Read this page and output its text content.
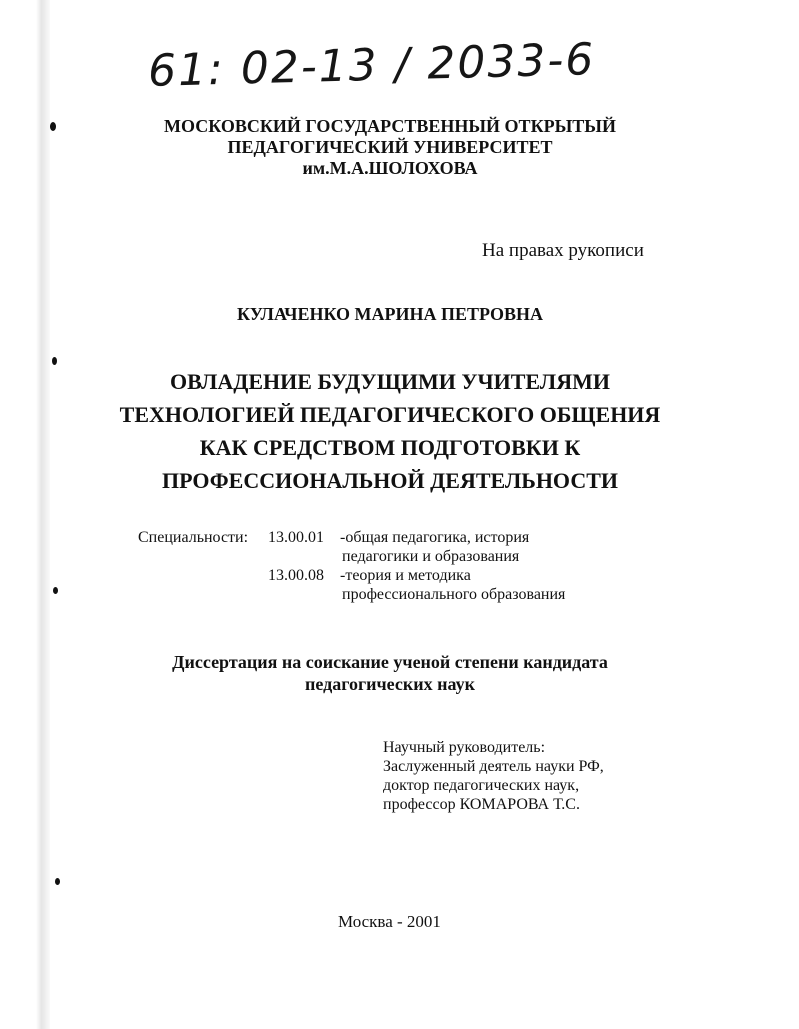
61: 02-13 / 2033-6
МОСКОВСКИЙ ГОСУДАРСТВЕННЫЙ ОТКРЫТЫЙ
ПЕДАГОГИЧЕСКИЙ УНИВЕРСИТЕТ
им.М.А.ШОЛОХОВА
На правах рукописи
КУЛАЧЕНКО МАРИНА ПЕТРОВНА
ОВЛАДЕНИЕ БУДУЩИМИ УЧИТЕЛЯМИ
ТЕХНОЛОГИЕЙ ПЕДАГОГИЧЕСКОГО ОБЩЕНИЯ
КАК СРЕДСТВОМ ПОДГОТОВКИ К
ПРОФЕССИОНАЛЬНОЙ ДЕЯТЕЛЬНОСТИ
Специальности: 13.00.01 -общая педагогика, история
педагогики и образования
13.00.08 -теория и методика
профессионального образования
Диссертация на соискание ученой степени кандидата
педагогических наук
Научный руководитель:
Заслуженный деятель науки РФ,
доктор педагогических наук,
профессор КОМАРОВА Т.С.
Москва - 2001
